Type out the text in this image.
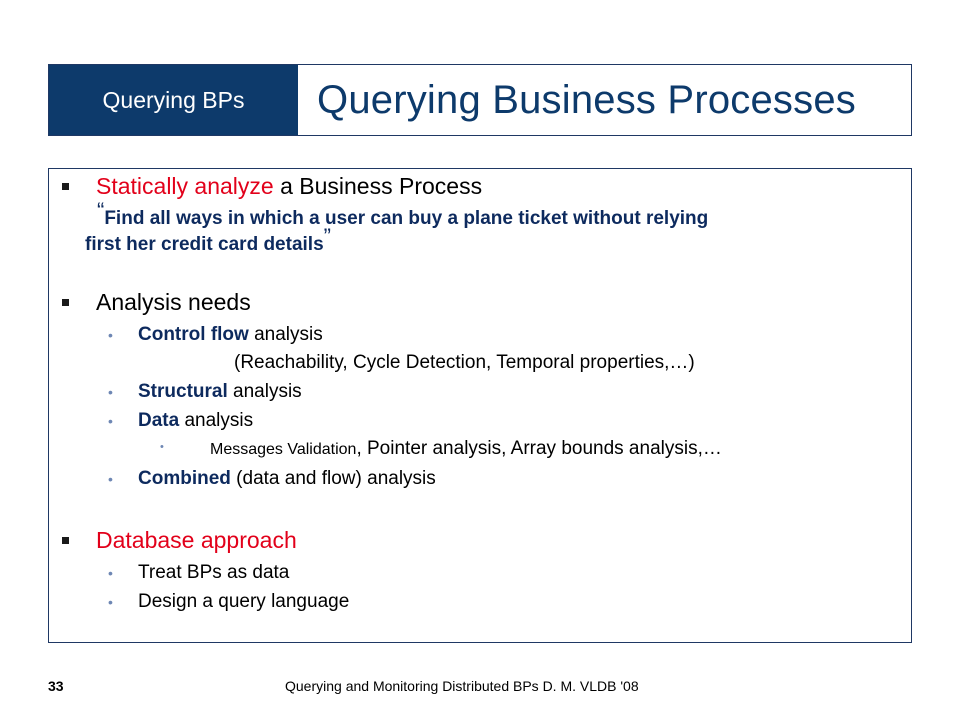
Querying BPs	Querying Business Processes
Statically analyze a Business Process
“Find all ways in which a user can buy a plane ticket without relying
first her credit card details”
Analysis needs
• Control flow analysis
(Reachability, Cycle Detection, Temporal properties,…)
• Structural analysis
• Data analysis
•	Messages Validation, Pointer analysis, Array bounds analysis,…
• Combined (data and flow) analysis
Database approach
• Treat BPs as data
• Design a query language
33	Querying and Monitoring Distributed BPs D. M. VLDB '08
